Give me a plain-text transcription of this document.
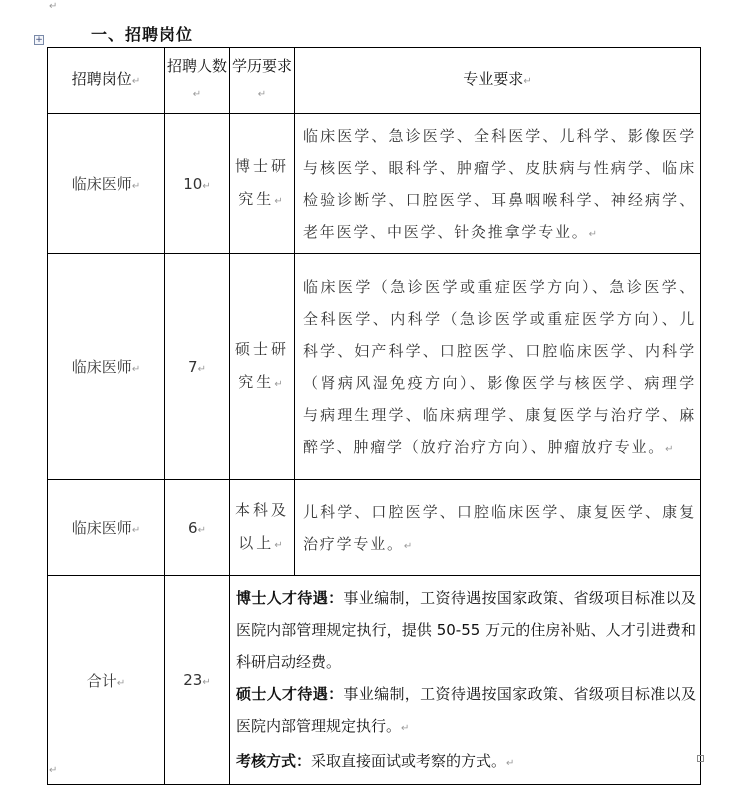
↵
+	一、招聘岗位
招聘岗位↵	招聘人数↵	学历要求↵	专业要求↵
临床医师↵	10↵	博士研究生↵	临床医学、急诊医学、全科医学、儿科学、影像医学与核医学、眼科学、肿瘤学、皮肤病与性病学、临床检验诊断学、口腔医学、耳鼻咽喉科学、神经病学、老年医学、中医学、针灸推拿学专业。↵
临床医师↵	7↵	硕士研究生↵	临床医学（急诊医学或重症医学方向）、急诊医学、全科医学、内科学（急诊医学或重症医学方向）、儿科学、妇产科学、口腔医学、口腔临床医学、内科学（肾病风湿免疫方向）、影像医学与核医学、病理学与病理生理学、临床病理学、康复医学与治疗学、麻醉学、肿瘤学（放疗治疗方向）、肿瘤放疗专业。↵
临床医师↵	6↵	本科及以上↵	儿科学、口腔医学、口腔临床医学、康复医学、康复治疗学专业。↵
合计↵	23↵	博士人才待遇：事业编制，工资待遇按国家政策、省级项目标准以及医院内部管理规定执行，提供 50-55 万元的住房补贴、人才引进费和科研启动经费。
硕士人才待遇：事业编制，工资待遇按国家政策、省级项目标准以及医院内部管理规定执行。↵
考核方式：采取直接面试或考察的方式。↵	
↵
